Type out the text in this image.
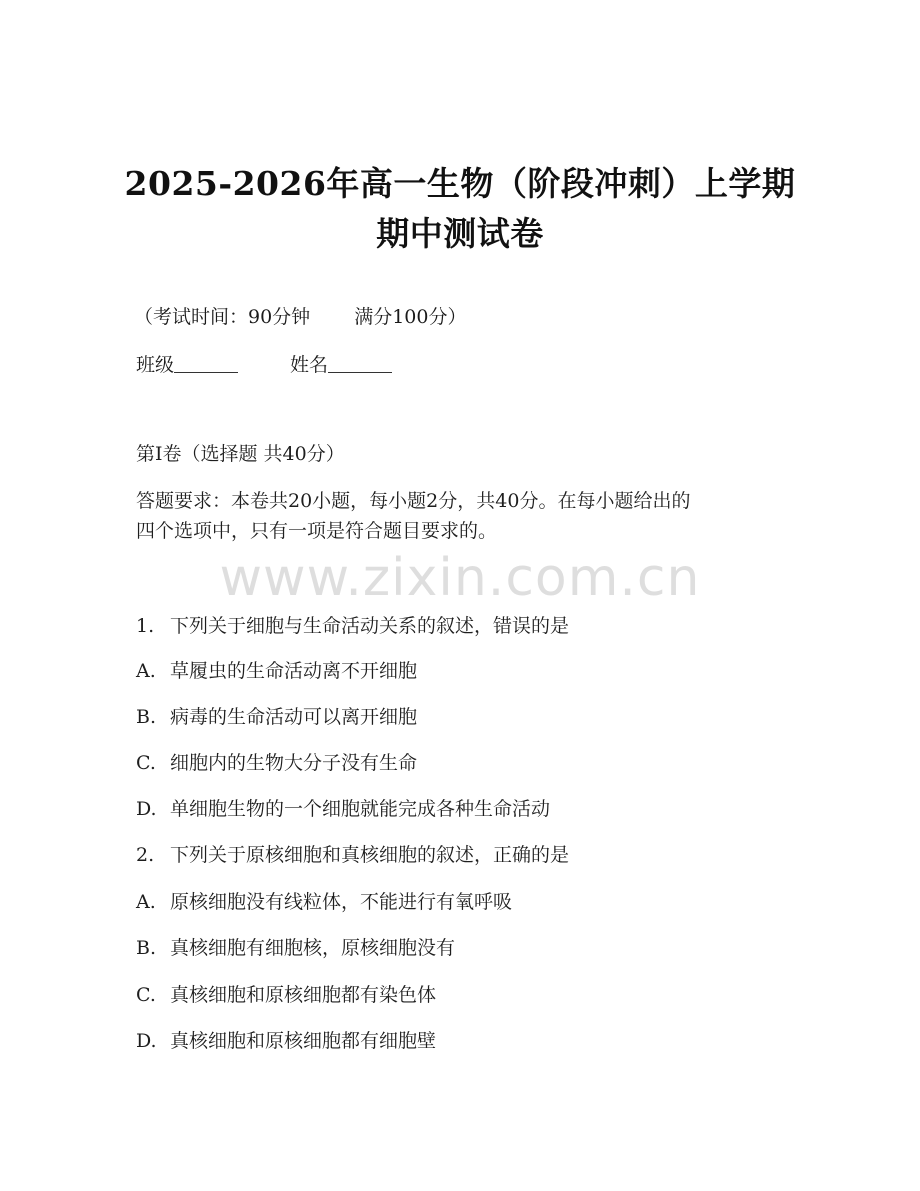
2025-2026年高一生物（阶段冲刺）上学期
期中测试卷
（考试时间：90分钟 满分100分）
班级	姓名
第Ⅰ卷（选择题 共40分）
答题要求：本卷共20小题，每小题2分，共40分。在每小题给出的
四个选项中，只有一项是符合题目要求的。
www.zixin.com.cn
1. 下列关于细胞与生命活动关系的叙述，错误的是
A. 草履虫的生命活动离不开细胞
B. 病毒的生命活动可以离开细胞
C. 细胞内的生物大分子没有生命
D. 单细胞生物的一个细胞就能完成各种生命活动
2. 下列关于原核细胞和真核细胞的叙述，正确的是
A. 原核细胞没有线粒体，不能进行有氧呼吸
B. 真核细胞有细胞核，原核细胞没有
C. 真核细胞和原核细胞都有染色体
D. 真核细胞和原核细胞都有细胞壁
